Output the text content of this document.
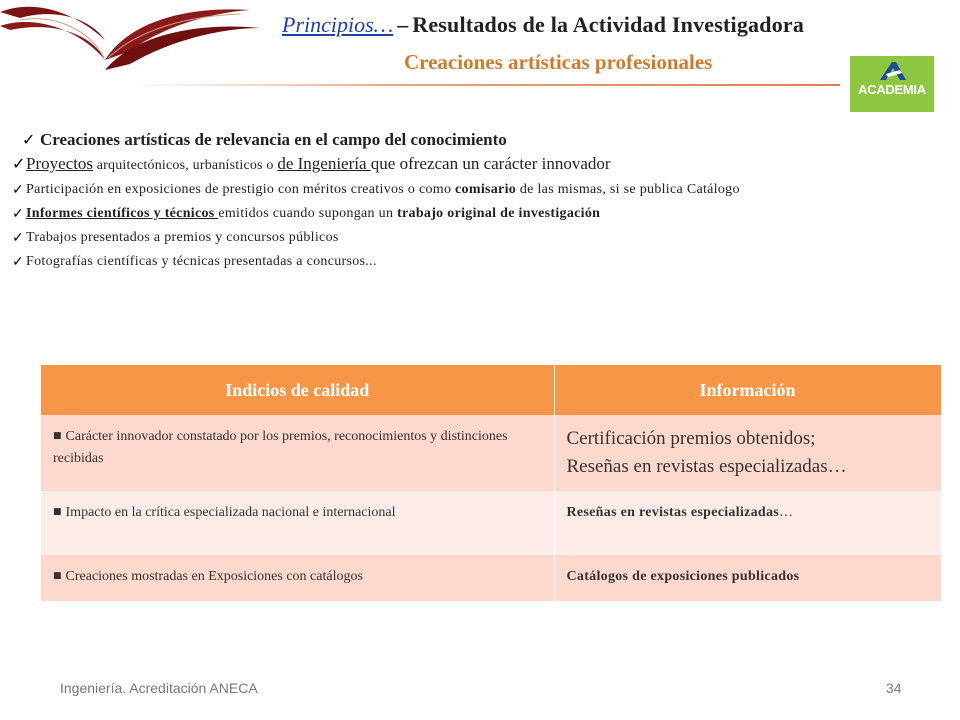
Principios… – Resultados de la Actividad Investigadora
Creaciones artísticas profesionales
ACADEMIA
✓ Creaciones artísticas de relevancia en el campo del conocimiento
✓ Proyectos arquitectónicos, urbanísticos o de Ingeniería que ofrezcan un carácter innovador
✓ Participación en exposiciones de prestigio con méritos creativos o como comisario de las mismas, si se publica Catálogo
✓ Informes científicos y técnicos emitidos cuando supongan un trabajo original de investigación
✓ Trabajos presentados a premios y concursos públicos
✓ Fotografías científicas y técnicas presentadas a concursos...
Indicios de calidad	Información
■ Carácter innovador constatado por los premios, reconocimientos y distinciones recibidas	Certificación premios obtenidos;
Reseñas en revistas especializadas…

■ Impacto en la crítica especializada nacional e internacional	Reseñas en revistas especializadas…

■ Creaciones mostradas en Exposiciones con catálogos	Catálogos de exposiciones publicados
Ingeniería. Acreditación ANECA	34
